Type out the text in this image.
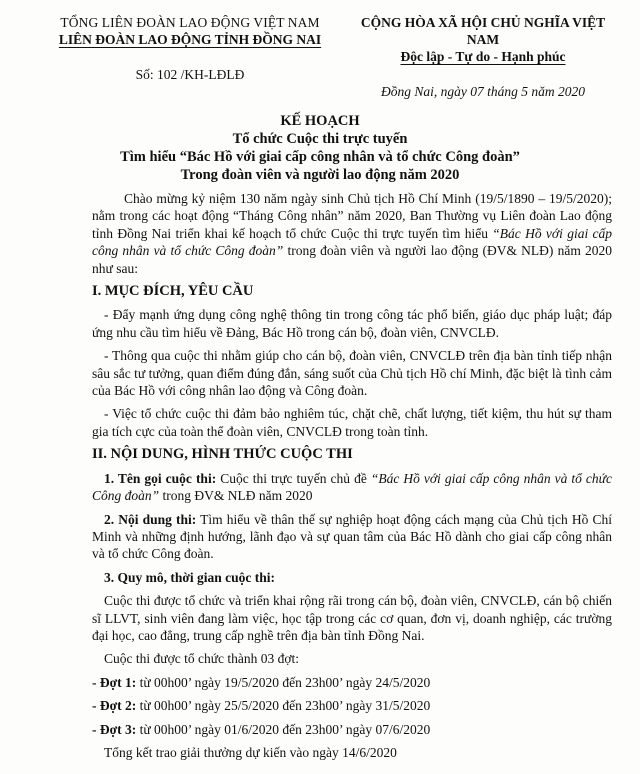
TỔNG LIÊN ĐOÀN LAO ĐỘNG VIỆT NAM
LIÊN ĐOÀN LAO ĐỘNG TỈNH ĐỒNG NAI
Số: 102 /KH-LĐLĐ
CỘNG HÒA XÃ HỘI CHỦ NGHĨA VIỆT NAM
Độc lập - Tự do - Hạnh phúc
Đồng Nai, ngày 07 tháng 5 năm 2020
KẾ HOẠCH
Tổ chức Cuộc thi trực tuyến
Tìm hiểu “Bác Hồ với giai cấp công nhân và tổ chức Công đoàn”
Trong đoàn viên và người lao động năm 2020

Chào mừng kỷ niệm 130 năm ngày sinh Chủ tịch Hồ Chí Minh (19/5/1890 – 19/5/2020); nằm trong các hoạt động “Tháng Công nhân” năm 2020, Ban Thường vụ Liên đoàn Lao động tỉnh Đồng Nai triển khai kế hoạch tổ chức Cuộc thi trực tuyến tìm hiểu “Bác Hồ với giai cấp công nhân và tổ chức Công đoàn” trong đoàn viên và người lao động (ĐV& NLĐ) năm 2020 như sau:

I. MỤC ĐÍCH, YÊU CẦU

- Đẩy mạnh ứng dụng công nghệ thông tin trong công tác phổ biến, giáo dục pháp luật; đáp ứng nhu cầu tìm hiểu về Đảng, Bác Hồ trong cán bộ, đoàn viên, CNVCLĐ.

- Thông qua cuộc thi nhằm giúp cho cán bộ, đoàn viên, CNVCLĐ trên địa bàn tỉnh tiếp nhận sâu sắc tư tưởng, quan điểm đúng đắn, sáng suốt của Chủ tịch Hồ chí Minh, đặc biệt là tình cảm của Bác Hồ với công nhân lao động và Công đoàn.

- Việc tổ chức cuộc thi đảm bảo nghiêm túc, chặt chẽ, chất lượng, tiết kiệm, thu hút sự tham gia tích cực của toàn thể đoàn viên, CNVCLĐ trong toàn tỉnh.

II. NỘI DUNG, HÌNH THỨC CUỘC THI

1. Tên gọi cuộc thi: Cuộc thi trực tuyến chủ đề “Bác Hồ với giai cấp công nhân và tổ chức Công đoàn” trong ĐV& NLĐ năm 2020

2. Nội dung thi: Tìm hiểu về thân thế sự nghiệp hoạt động cách mạng của Chủ tịch Hồ Chí Minh và những định hướng, lãnh đạo và sự quan tâm của Bác Hồ dành cho giai cấp công nhân và tổ chức Công đoàn.

3. Quy mô, thời gian cuộc thi:

Cuộc thi được tổ chức và triển khai rộng rãi trong cán bộ, đoàn viên, CNVCLĐ, cán bộ chiến sĩ LLVT, sinh viên đang làm việc, học tập trong các cơ quan, đơn vị, doanh nghiệp, các trường đại học, cao đẳng, trung cấp nghề trên địa bàn tỉnh Đồng Nai.

Cuộc thi được tổ chức thành 03 đợt:

- Đợt 1: từ 00h00’ ngày 19/5/2020 đến 23h00’ ngày 24/5/2020

- Đợt 2: từ 00h00’ ngày 25/5/2020 đến 23h00’ ngày 31/5/2020

- Đợt 3: từ 00h00’ ngày 01/6/2020 đến 23h00’ ngày 07/6/2020

Tổng kết trao giải thưởng dự kiến vào ngày 14/6/2020
